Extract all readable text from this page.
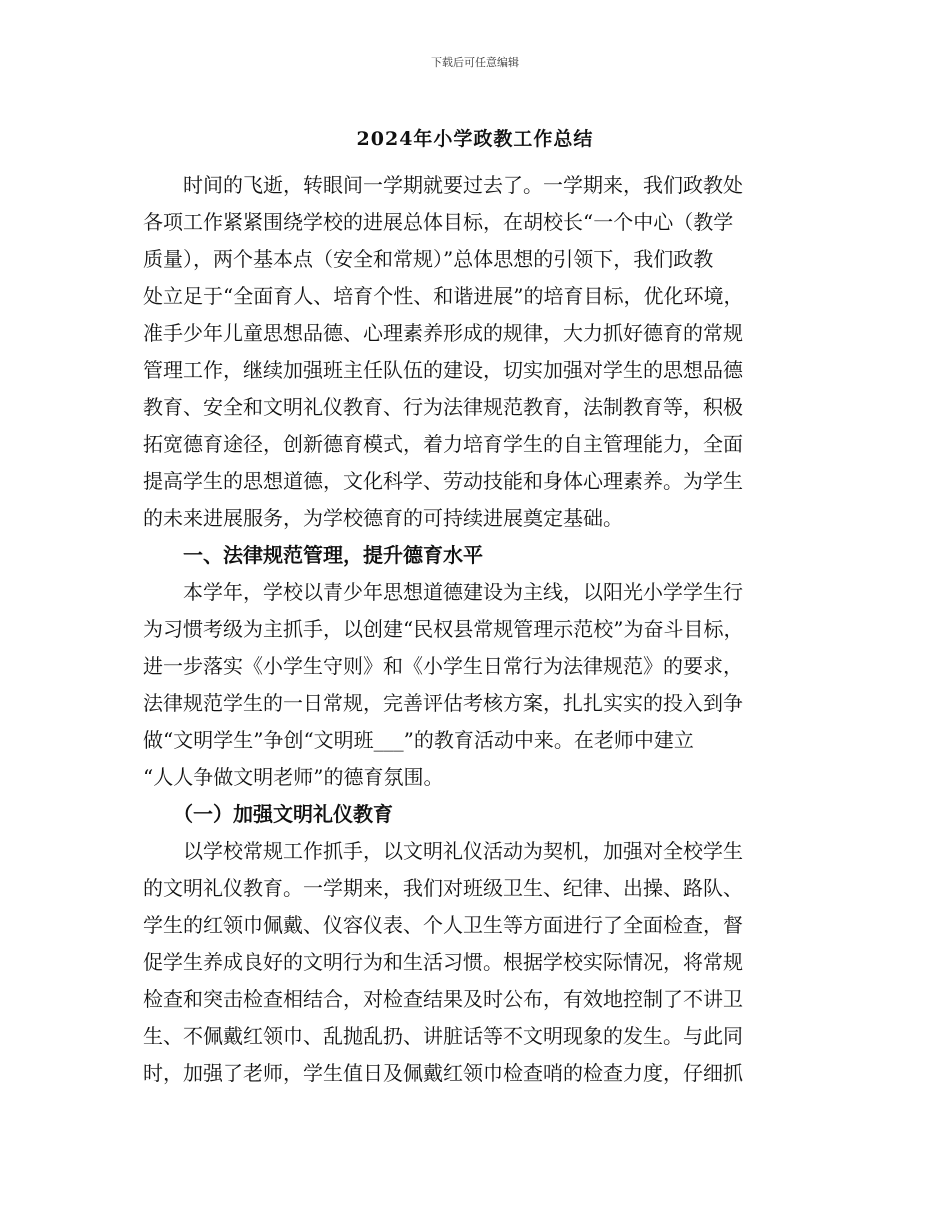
下载后可任意编辑
2024年小学政教工作总结
　　时间的飞逝，转眼间一学期就要过去了。一学期来，我们政教处
各项工作紧紧围绕学校的进展总体目标，在胡校长“一个中心（教学
质量），两个基本点（安全和常规）”总体思想的引领下，我们政教
处立足于“全面育人、培育个性、和谐进展”的培育目标，优化环境，
准手少年儿童思想品德、心理素养形成的规律，大力抓好德育的常规
管理工作，继续加强班主任队伍的建设，切实加强对学生的思想品德
教育、安全和文明礼仪教育、行为法律规范教育，法制教育等，积极
拓宽德育途径，创新德育模式，着力培育学生的自主管理能力，全面
提高学生的思想道德，文化科学、劳动技能和身体心理素养。为学生
的未来进展服务，为学校德育的可持续进展奠定基础。
　　一、法律规范管理，提升德育水平
　　本学年，学校以青少年思想道德建设为主线，以阳光小学学生行
为习惯考级为主抓手，以创建“民权县常规管理示范校”为奋斗目标，
进一步落实《小学生守则》和《小学生日常行为法律规范》的要求，
法律规范学生的一日常规，完善评估考核方案，扎扎实实的投入到争
做“文明学生”争创“文明班___”的教育活动中来。在老师中建立
“人人争做文明老师”的德育氛围。
　　（一）加强文明礼仪教育
　　以学校常规工作抓手，以文明礼仪活动为契机，加强对全校学生
的文明礼仪教育。一学期来，我们对班级卫生、纪律、出操、路队、
学生的红领巾佩戴、仪容仪表、个人卫生等方面进行了全面检查，督
促学生养成良好的文明行为和生活习惯。根据学校实际情况，将常规
检查和突击检查相结合，对检查结果及时公布，有效地控制了不讲卫
生、不佩戴红领巾、乱抛乱扔、讲脏话等不文明现象的发生。与此同
时，加强了老师，学生值日及佩戴红领巾检查哨的检查力度，仔细抓
